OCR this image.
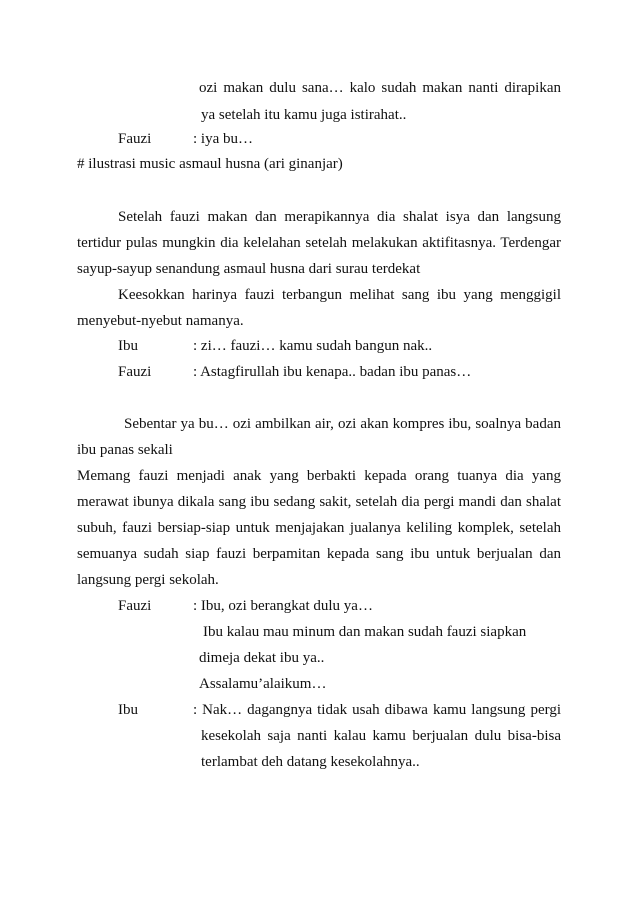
ozi makan dulu sana… kalo sudah makan nanti dirapikan
ya setelah itu kamu juga istirahat..
Fauzi	: iya bu…
# ilustrasi music asmaul husna (ari ginanjar)
Setelah fauzi makan dan merapikannya dia shalat isya dan langsung
tertidur pulas mungkin dia kelelahan setelah melakukan aktifitasnya. Terdengar
sayup-sayup senandung asmaul husna dari surau terdekat
Keesokkan harinya fauzi terbangun melihat sang ibu yang menggigil
menyebut-nyebut namanya.
Ibu	: zi… fauzi… kamu sudah bangun nak..
Fauzi	: Astagfirullah ibu kenapa.. badan ibu panas…
Sebentar ya bu… ozi ambilkan air, ozi akan kompres ibu, soalnya badan
ibu panas sekali
Memang fauzi menjadi anak yang berbakti kepada orang tuanya dia yang
merawat ibunya dikala sang ibu sedang sakit, setelah dia pergi mandi dan shalat
subuh, fauzi bersiap-siap untuk menjajakan jualanya keliling komplek, setelah
semuanya sudah siap fauzi berpamitan kepada sang ibu untuk berjualan dan
langsung pergi sekolah.
Fauzi	: Ibu, ozi berangkat dulu ya…
Ibu kalau mau minum dan makan sudah fauzi siapkan
dimeja dekat ibu ya..
Assalamu’alaikum…
Ibu	: Nak… dagangnya tidak usah dibawa kamu langsung pergi
kesekolah saja nanti kalau kamu berjualan dulu bisa-bisa
terlambat deh datang kesekolahnya..
